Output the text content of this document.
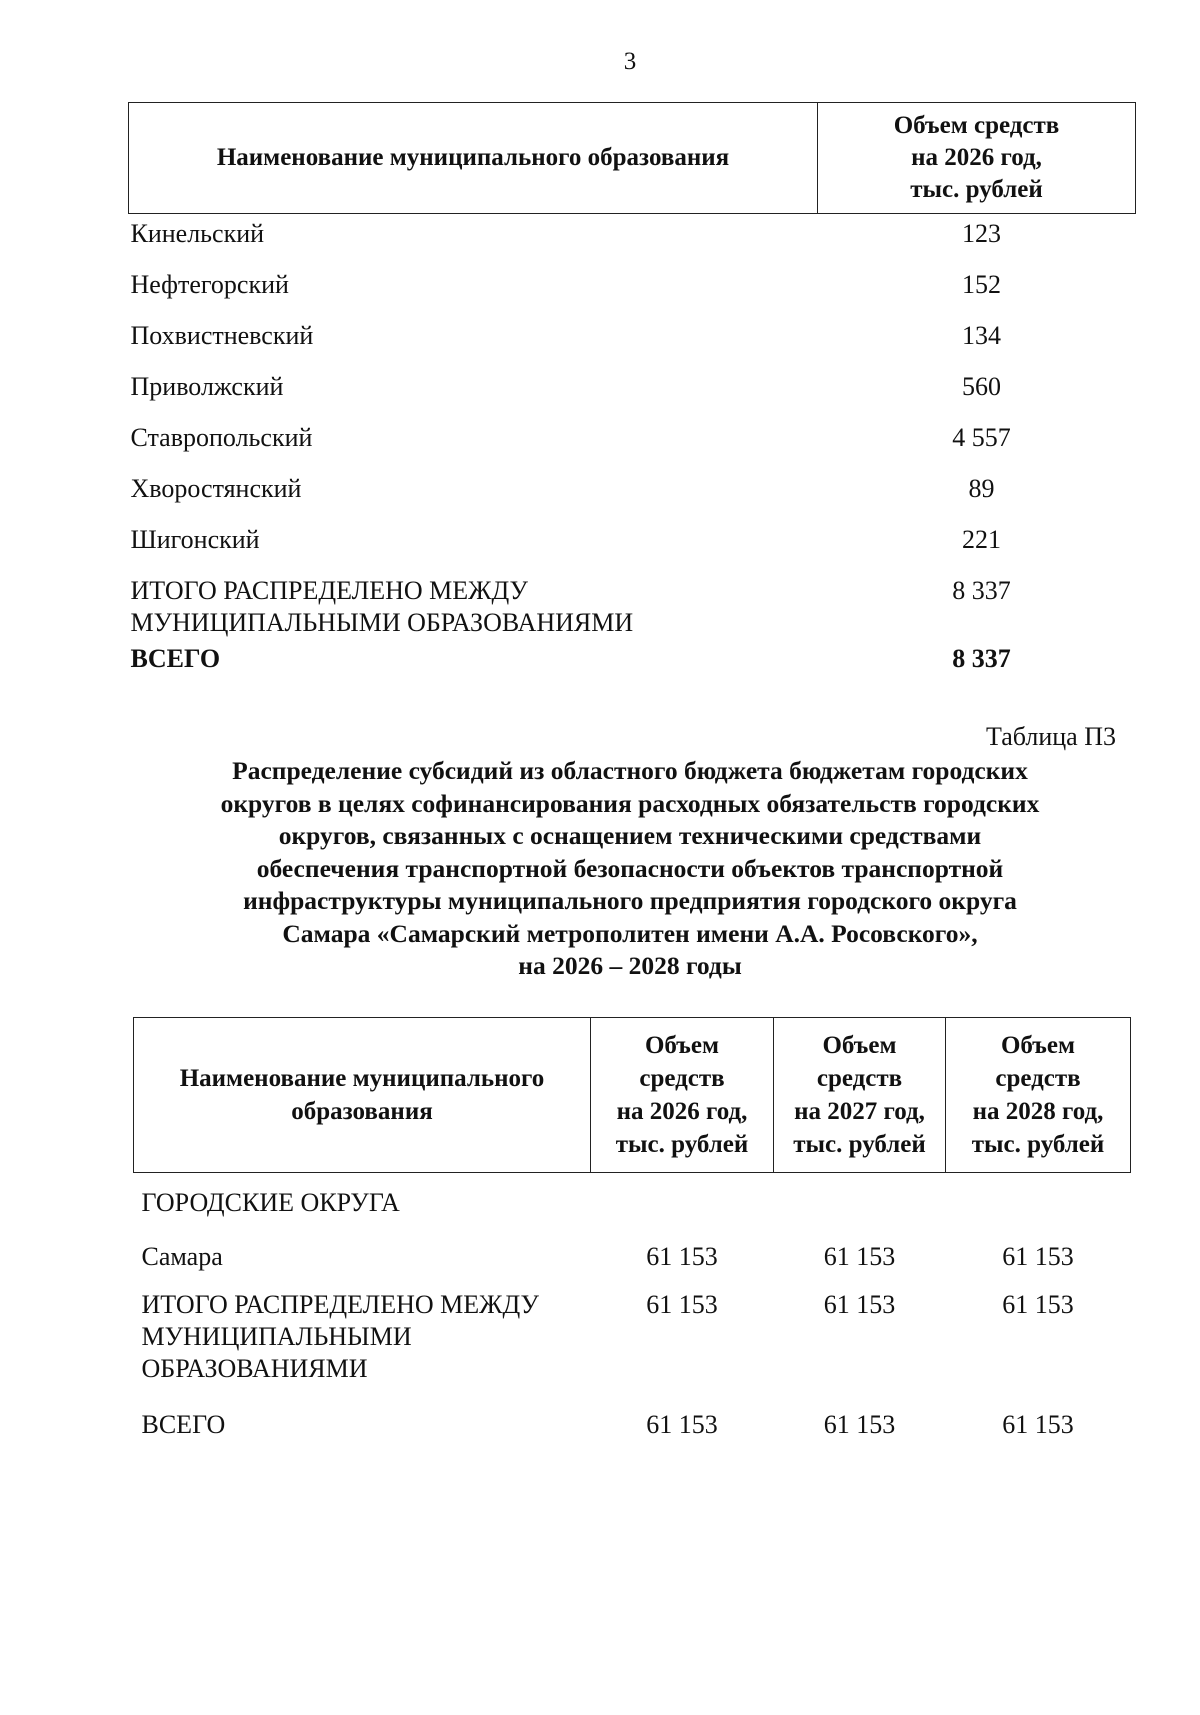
3
Наименование муниципального образования	Объем средств
на 2026 год,
тыс. рублей
Кинельский	123
Нефтегорский	152
Похвистневский	134
Приволжский	560
Ставропольский	4 557
Хворостянский	89
Шигонский	221

ИТОГО РАСПРЕДЕЛЕНО МЕЖДУ
МУНИЦИПАЛЬНЫМИ ОБРАЗОВАНИЯМИ	8 337
ВСЕГО	8 337
Таблица П3
Распределение субсидий из областного бюджета бюджетам городских
округов в целях софинансирования расходных обязательств городских
округов, связанных с оснащением техническими средствами
обеспечения транспортной безопасности объектов транспортной
инфраструктуры муниципального предприятия городского округа
Самара «Самарский метрополитен имени А.А. Росовского»,
на 2026 – 2028 годы
Наименование муниципального
образования	Объем
средств
на 2026 год,
тыс. рублей	Объем
средств
на 2027 год,
тыс. рублей	Объем
средств
на 2028 год,
тыс. рублей
ГОРОДСКИЕ ОКРУГА			
Самара	61 153	61 153	61 153

ИТОГО РАСПРЕДЕЛЕНО МЕЖДУ
МУНИЦИПАЛЬНЫМИ
ОБРАЗОВАНИЯМИ	61 153	61 153	61 153
ВСЕГО	61 153	61 153	61 153
